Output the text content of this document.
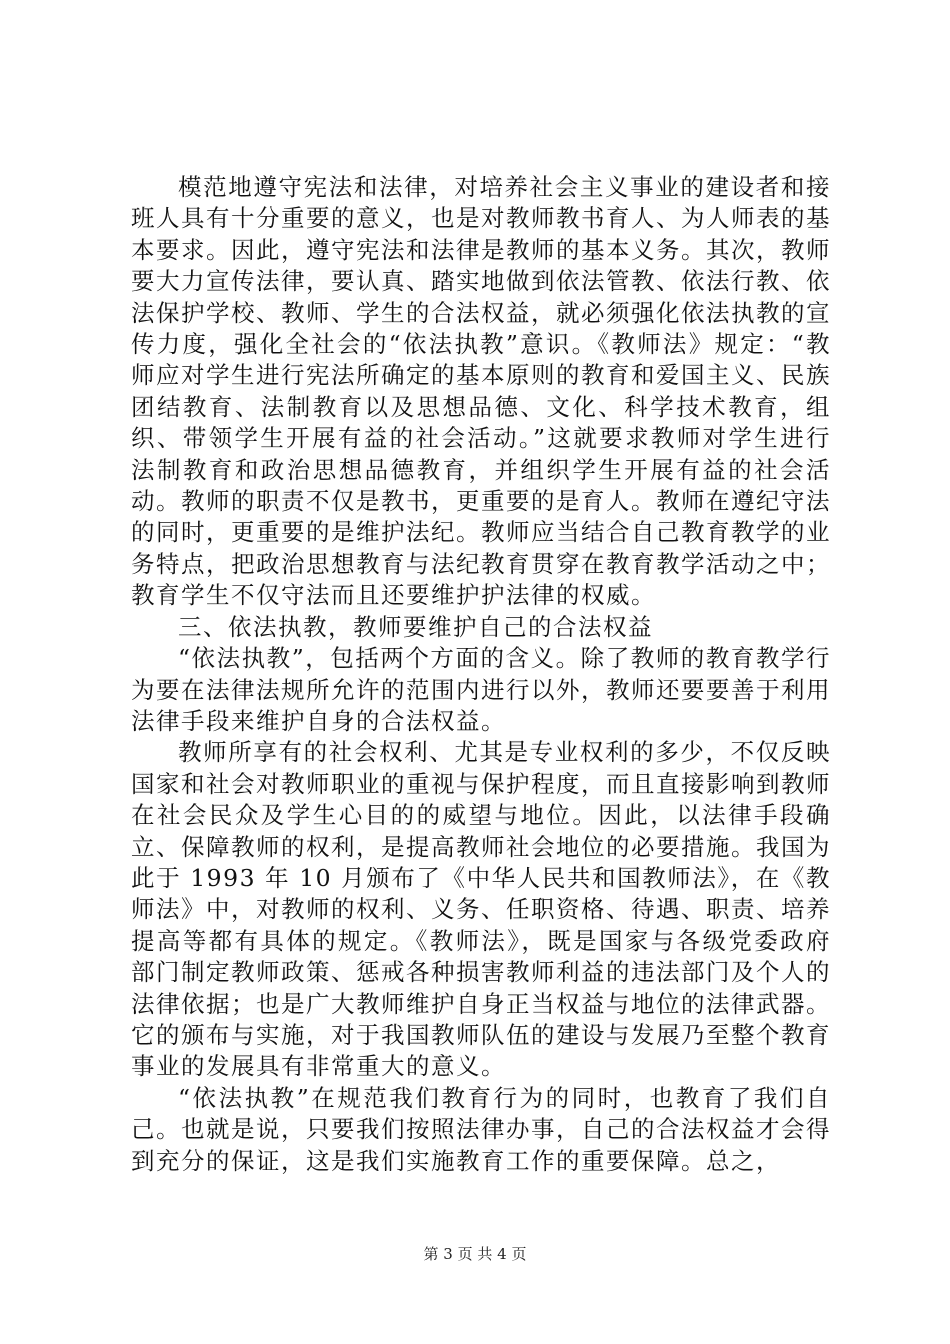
模范地遵守宪法和法律，对培养社会主义事业的建设者和接班人具有十分重要的意义，也是对教师教书育人、为人师表的基本要求。因此，遵守宪法和法律是教师的基本义务。其次，教师要大力宣传法律，要认真、踏实地做到依法管教、依法行教、依法保护学校、教师、学生的合法权益，就必须强化依法执教的宣传力度，强化全社会的“依法执教”意识。《教师法》规定：“教师应对学生进行宪法所确定的基本原则的教育和爱国主义、民族团结教育、法制教育以及思想品德、文化、科学技术教育，组织、带领学生开展有益的社会活动。”这就要求教师对学生进行法制教育和政治思想品德教育，并组织学生开展有益的社会活动。教师的职责不仅是教书，更重要的是育人。教师在遵纪守法的同时，更重要的是维护法纪。教师应当结合自己教育教学的业务特点，把政治思想教育与法纪教育贯穿在教育教学活动之中；教育学生不仅守法而且还要维护护法律的权威。

三、依法执教，教师要维护自己的合法权益

“依法执教”，包括两个方面的含义。除了教师的教育教学行为要在法律法规所允许的范围内进行以外，教师还要要善于利用法律手段来维护自身的合法权益。

教师所享有的社会权利、尤其是专业权利的多少，不仅反映国家和社会对教师职业的重视与保护程度，而且直接影响到教师在社会民众及学生心目的的威望与地位。因此，以法律手段确立、保障教师的权利，是提高教师社会地位的必要措施。我国为此于 1993 年 10 月颁布了《中华人民共和国教师法》，在《教师法》中，对教师的权利、义务、任职资格、待遇、职责、培养提高等都有具体的规定。《教师法》，既是国家与各级党委政府部门制定教师政策、惩戒各种损害教师利益的违法部门及个人的法律依据；也是广大教师维护自身正当权益与地位的法律武器。它的颁布与实施，对于我国教师队伍的建设与发展乃至整个教育事业的发展具有非常重大的意义。

“依法执教”在规范我们教育行为的同时，也教育了我们自己。也就是说，只要我们按照法律办事，自己的合法权益才会得到充分的保证，这是我们实施教育工作的重要保障。总之，

第 3 页 共 4 页
